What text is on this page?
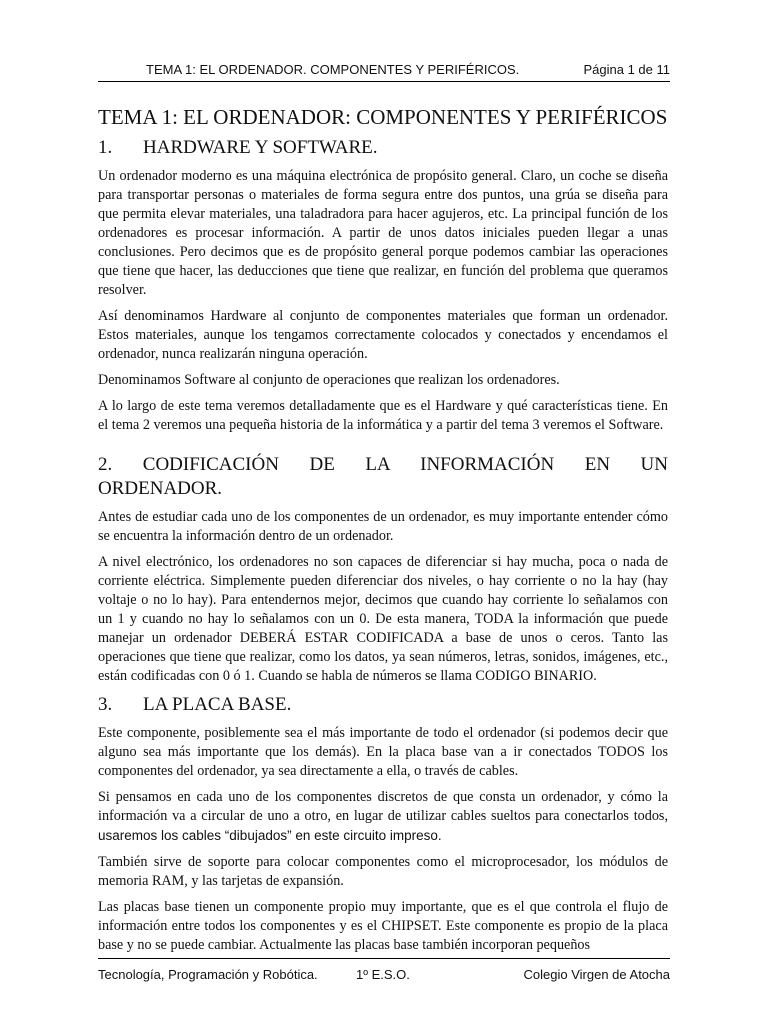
TEMA 1: EL ORDENADOR. COMPONENTES Y PERIFÉRICOS.	Página 1 de 11
TEMA 1: EL ORDENADOR: COMPONENTES Y PERIFÉRICOS
1. HARDWARE Y SOFTWARE.

Un ordenador moderno es una máquina electrónica de propósito general. Claro, un coche se diseña para transportar personas o materiales de forma segura entre dos puntos, una grúa se diseña para que permita elevar materiales, una taladradora para hacer agujeros, etc. La principal función de los ordenadores es procesar información. A partir de unos datos iniciales pueden llegar a unas conclusiones. Pero decimos que es de propósito general porque podemos cambiar las operaciones que tiene que hacer, las deducciones que tiene que realizar, en función del problema que queramos resolver.

Así denominamos Hardware al conjunto de componentes materiales que forman un ordenador. Estos materiales, aunque los tengamos correctamente colocados y conectados y encendamos el ordenador, nunca realizarán ninguna operación.

Denominamos Software al conjunto de operaciones que realizan los ordenadores.

A lo largo de este tema veremos detalladamente que es el Hardware y qué características tiene. En el tema 2 veremos una pequeña historia de la informática y a partir del tema 3 veremos el Software.

2. CODIFICACIÓN DE LA INFORMACIÓN EN UN
ORDENADOR.

Antes de estudiar cada uno de los componentes de un ordenador, es muy importante entender cómo se encuentra la información dentro de un ordenador.

A nivel electrónico, los ordenadores no son capaces de diferenciar si hay mucha, poca o nada de corriente eléctrica. Simplemente pueden diferenciar dos niveles, o hay corriente o no la hay (hay voltaje o no lo hay). Para entendernos mejor, decimos que cuando hay corriente lo señalamos con un 1 y cuando no hay lo señalamos con un 0. De esta manera, TODA la información que puede manejar un ordenador DEBERÁ ESTAR CODIFICADA a base de unos o ceros. Tanto las operaciones que tiene que realizar, como los datos, ya sean números, letras, sonidos, imágenes, etc., están codificadas con 0 ó 1. Cuando se habla de números se llama CODIGO BINARIO.

3. LA PLACA BASE.

Este componente, posiblemente sea el más importante de todo el ordenador (si podemos decir que alguno sea más importante que los demás). En la placa base van a ir conectados TODOS los componentes del ordenador, ya sea directamente a ella, o través de cables.

Si pensamos en cada uno de los componentes discretos de que consta un ordenador, y cómo la información va a circular de uno a otro, en lugar de utilizar cables sueltos para conectarlos todos, usaremos los cables “dibujados” en este circuito impreso.

También sirve de soporte para colocar componentes como el microprocesador, los módulos de memoria RAM, y las tarjetas de expansión.

Las placas base tienen un componente propio muy importante, que es el que controla el flujo de información entre todos los componentes y es el CHIPSET. Este componente es propio de la placa base y no se puede cambiar. Actualmente las placas base también incorporan pequeños

Tecnología, Programación y Robótica.	1º E.S.O.	Colegio Virgen de Atocha
